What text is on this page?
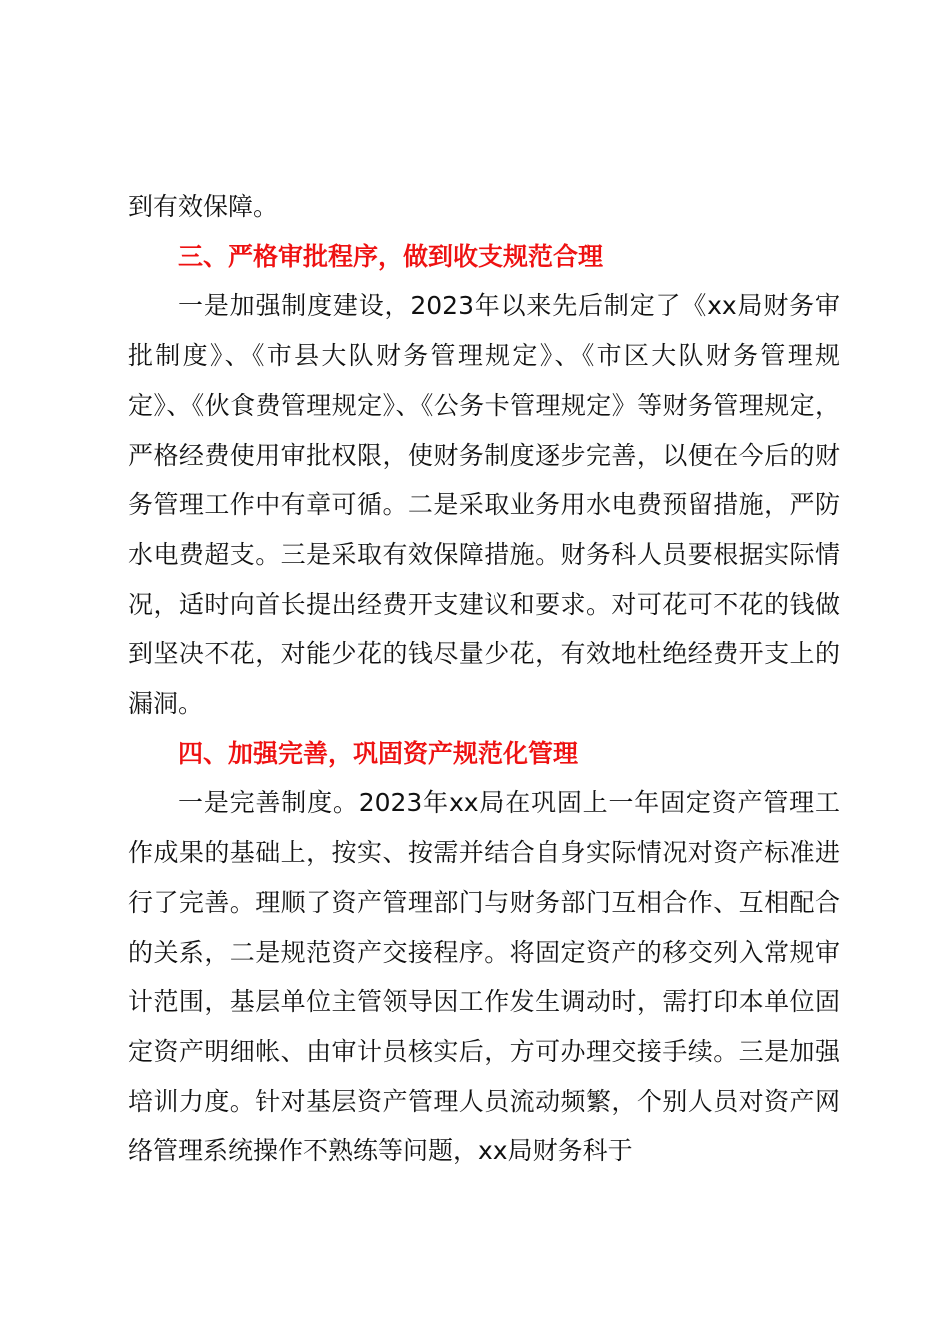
到有效保障。

三、严格审批程序，做到收支规范合理

一是加强制度建设，2023年以来先后制定了《xx局财务审批制度》、《市县大队财务管理规定》、《市区大队财务管理规定》、《伙食费管理规定》、《公务卡管理规定》等财务管理规定，严格经费使用审批权限，使财务制度逐步完善，以便在今后的财务管理工作中有章可循。二是采取业务用水电费预留措施，严防水电费超支。三是采取有效保障措施。财务科人员要根据实际情况，适时向首长提出经费开支建议和要求。对可花可不花的钱做到坚决不花，对能少花的钱尽量少花，有效地杜绝经费开支上的漏洞。

四、加强完善，巩固资产规范化管理

一是完善制度。2023年xx局在巩固上一年固定资产管理工作成果的基础上，按实、按需并结合自身实际情况对资产标准进行了完善。理顺了资产管理部门与财务部门互相合作、互相配合的关系，二是规范资产交接程序。将固定资产的移交列入常规审计范围，基层单位主管领导因工作发生调动时，需打印本单位固定资产明细帐、由审计员核实后，方可办理交接手续。三是加强培训力度。针对基层资产管理人员流动频繁，个别人员对资产网络管理系统操作不熟练等问题，xx局财务科于
